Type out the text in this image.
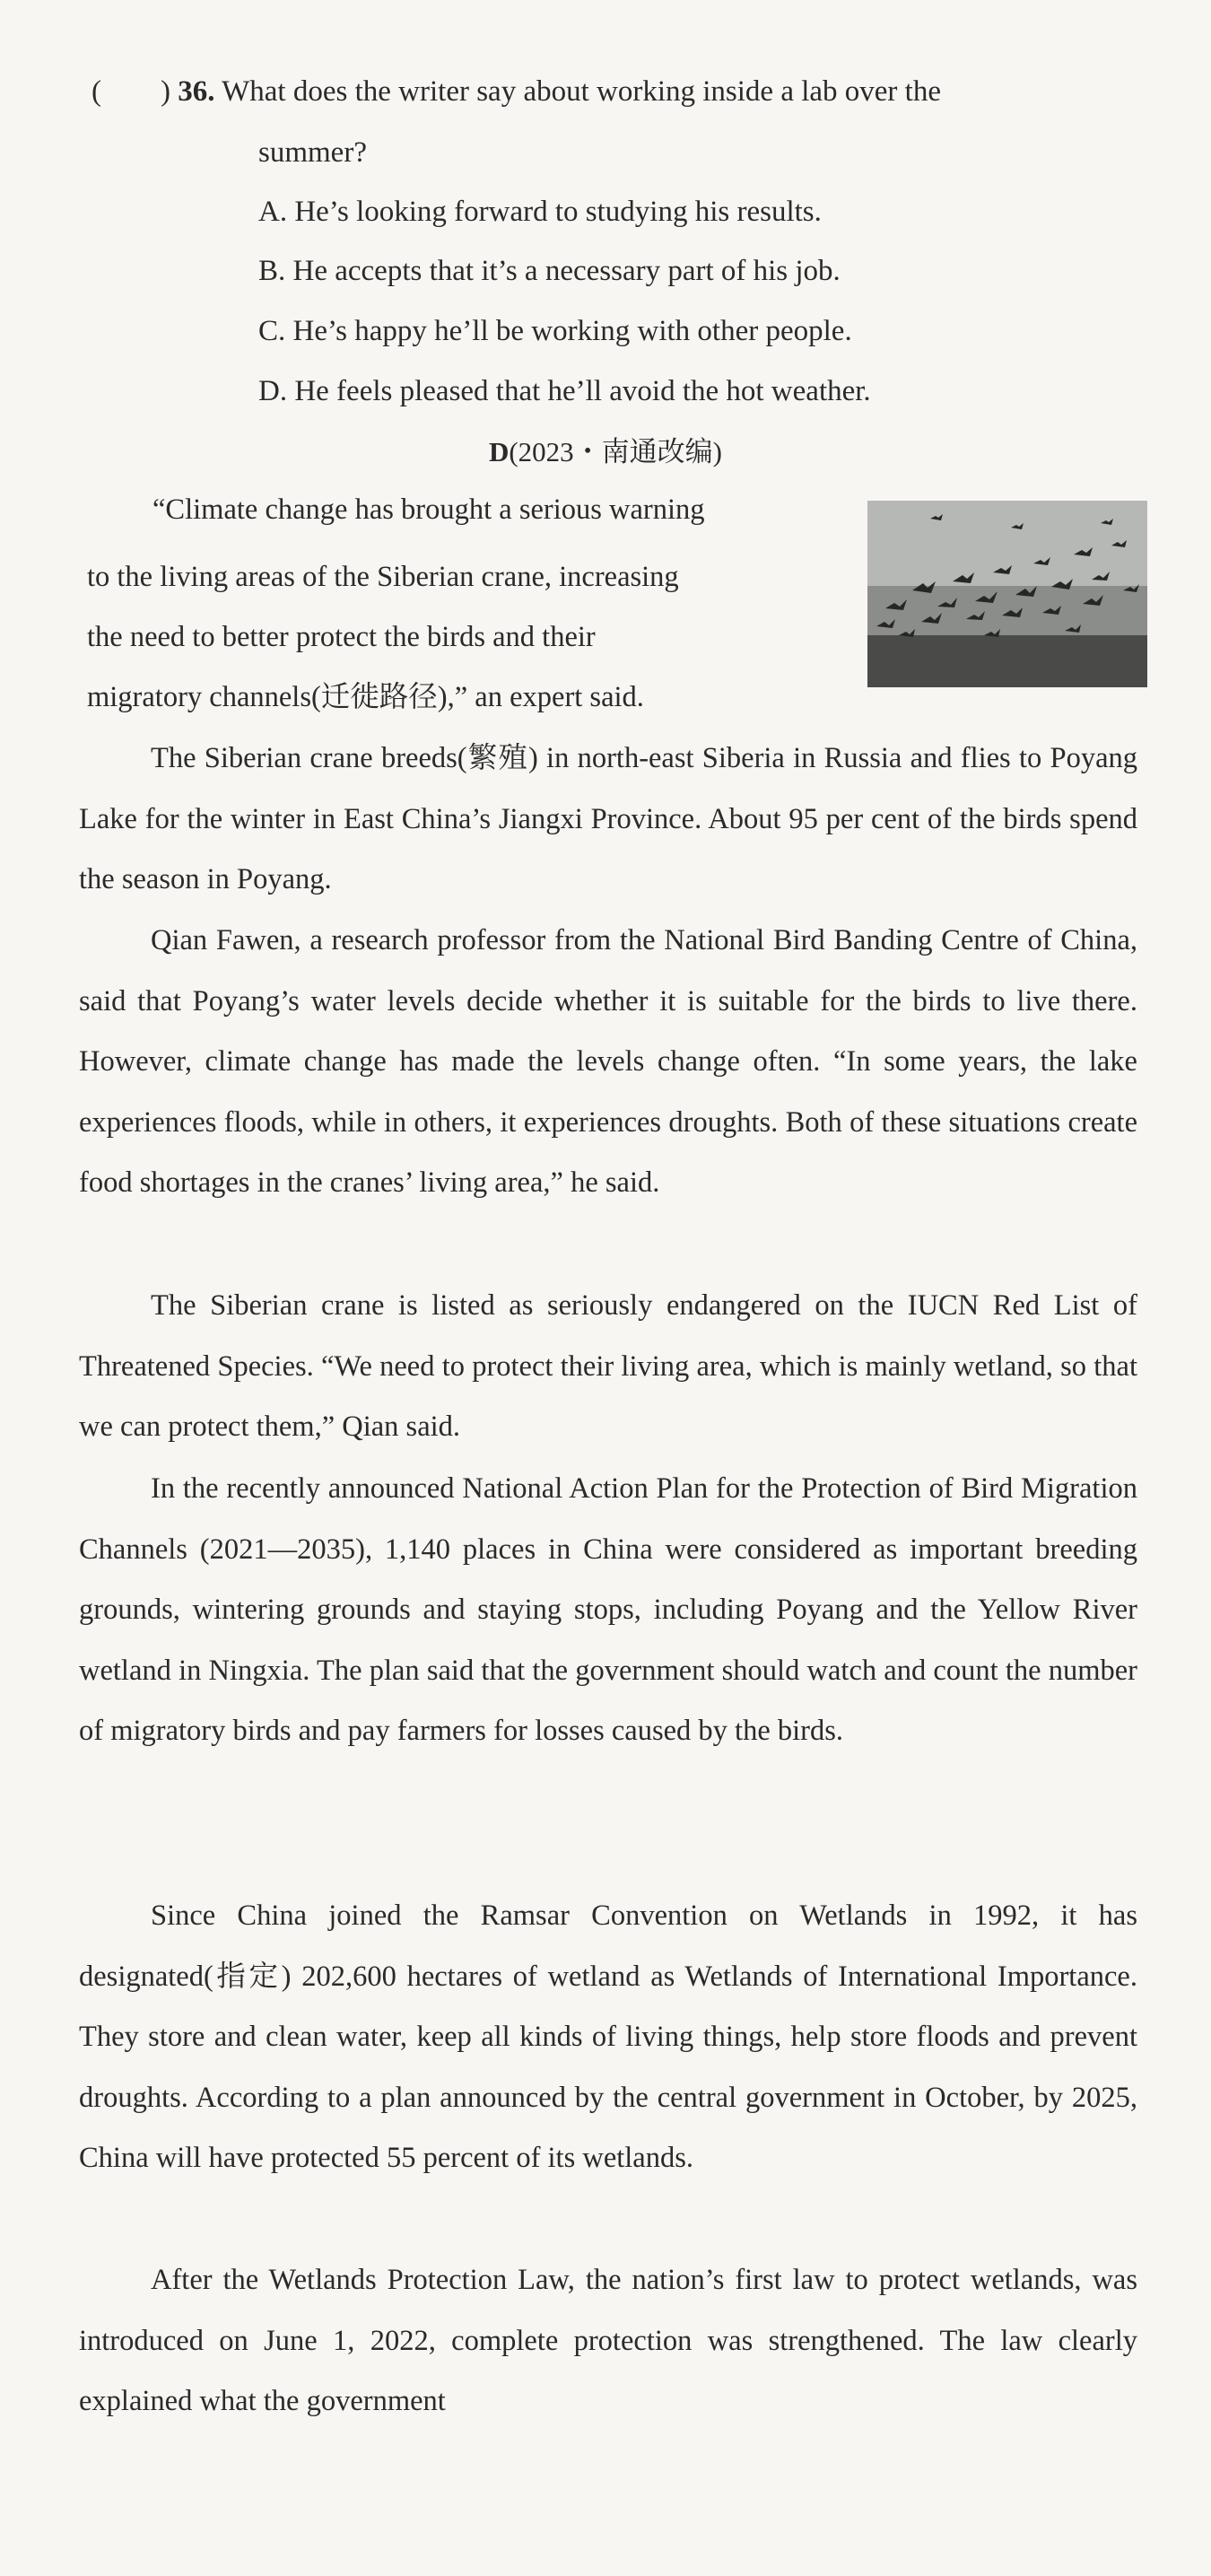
(        ) 36. What does the writer say about working inside a lab over the
summer?
A. He’s looking forward to studying his results.
B. He accepts that it’s a necessary part of his job.
C. He’s happy he’ll be working with other people.
D. He feels pleased that he’ll avoid the hot weather.
D(2023・南通改编)
“Climate change has brought a serious warning

to the living areas of the Siberian crane, increasing

the need to better protect the birds and their

migratory channels(迁徙路径),” an expert said.

The Siberian crane breeds(繁殖) in north-east Siberia in Russia and flies to Poyang Lake for the winter in East China’s Jiangxi Province. About 95 per cent of the birds spend the season in Poyang.
Qian Fawen, a research professor from the National Bird Banding Centre of China, said that Poyang’s water levels decide whether it is suitable for the birds to live there. However, climate change has made the levels change often. “In some years, the lake experiences floods, while in others, it experiences droughts. Both of these situations create food shortages in the cranes’ living area,” he said.
The Siberian crane is listed as seriously endangered on the IUCN Red List of Threatened Species. “We need to protect their living area, which is mainly wetland, so that we can protect them,” Qian said.
In the recently announced National Action Plan for the Protection of Bird Migration Channels (2021—2035), 1,140 places in China were considered as important breeding grounds, wintering grounds and staying stops, including Poyang and the Yellow River wetland in Ningxia. The plan said that the government should watch and count the number of migratory birds and pay farmers for losses caused by the birds.
Since China joined the Ramsar Convention on Wetlands in 1992, it has designated(指定) 202,600 hectares of wetland as Wetlands of International Importance. They store and clean water, keep all kinds of living things, help store floods and prevent droughts. According to a plan announced by the central government in October, by 2025, China will have protected 55 percent of its wetlands.
After the Wetlands Protection Law, the nation’s first law to protect wetlands, was introduced on June 1, 2022, complete protection was strengthened. The law clearly explained what the government
